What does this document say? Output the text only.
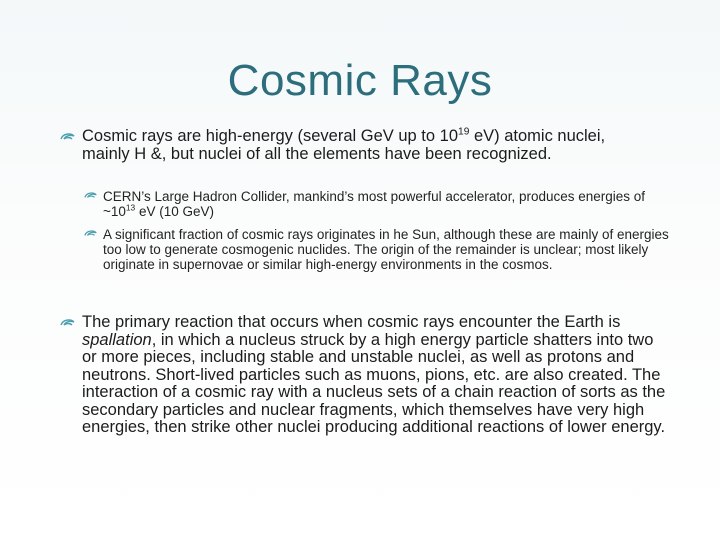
Cosmic Rays
Cosmic rays are high-energy (several GeV up to $10^{19}$ eV) atomic nuclei, mainly H &, but nuclei of all the elements have been recognized.
CERN’s Large Hadron Collider, mankind’s most powerful accelerator, produces energies of $\sim 10^{13}$ eV (10 GeV)
A significant fraction of cosmic rays originates in he Sun, although these are mainly of energies too low to generate cosmogenic nuclides. The origin of the remainder is unclear; most likely originate in supernovae or similar high-energy environments in the cosmos.
The primary reaction that occurs when cosmic rays encounter the Earth is spallation, in which a nucleus struck by a high energy particle shatters into two or more pieces, including stable and unstable nuclei, as well as protons and neutrons. Short-lived particles such as muons, pions, etc. are also created. The interaction of a cosmic ray with a nucleus sets of a chain reaction of sorts as the secondary particles and nuclear fragments, which themselves have very high energies, then strike other nuclei producing additional reactions of lower energy.
